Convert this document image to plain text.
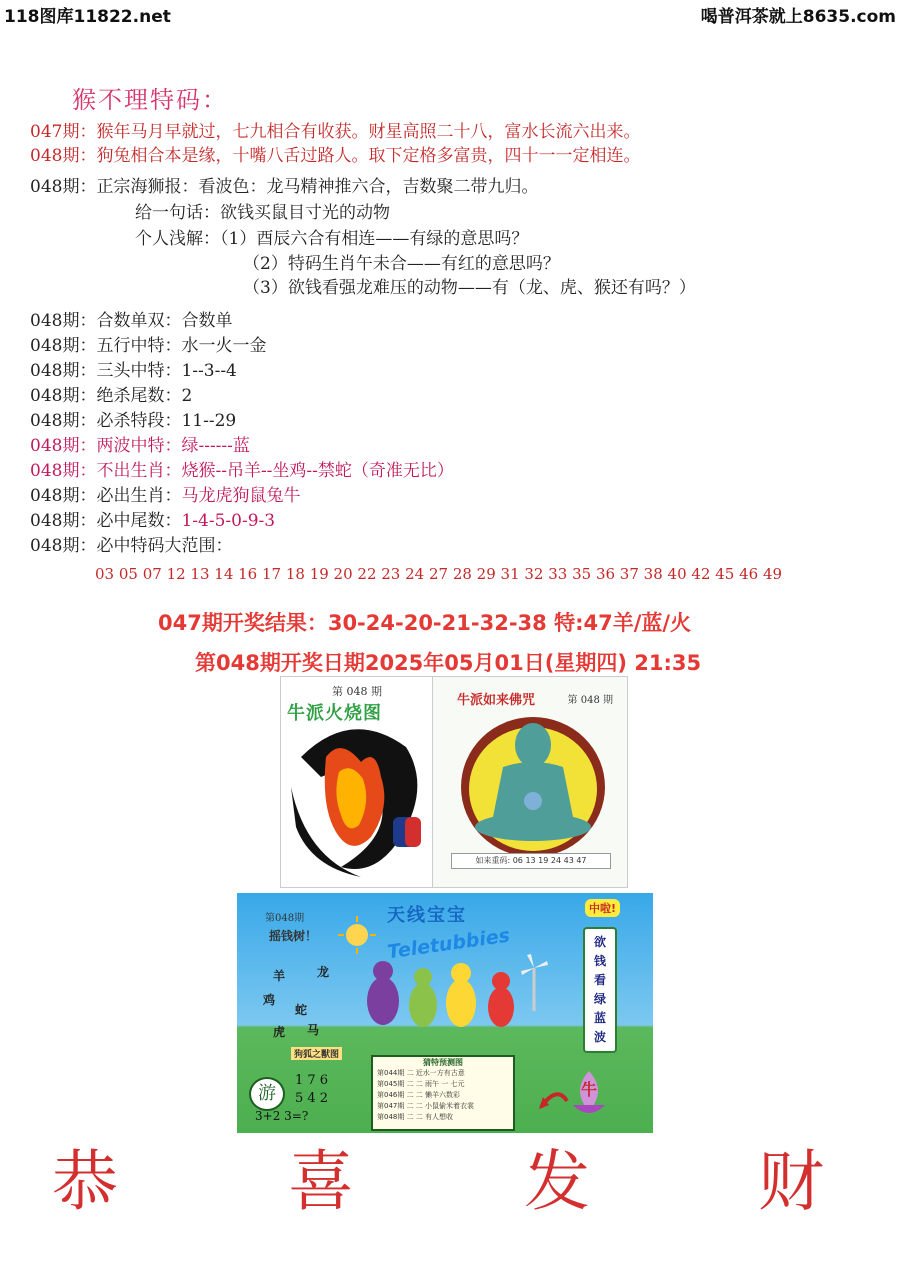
118图库11822.net	喝普洱茶就上8635.com
猴不理特码：
047期：猴年马月早就过，七九相合有收获。财星高照二十八，富水长流六出来。
048期：狗兔相合本是缘，十嘴八舌过路人。取下定格多富贵，四十一一定相连。
048期：正宗海狮报：看波色：龙马精神推六合，吉数聚二带九归。
给一句话：欲钱买鼠目寸光的动物
个人浅解：（1）酉辰六合有相连——有绿的意思吗？
（2）特码生肖午未合——有红的意思吗？
（3）欲钱看强龙难压的动物——有（龙、虎、猴还有吗？）
048期：合数单双：合数单
048期：五行中特：水一火一金
048期：三头中特：1--3--4
048期：绝杀尾数：2
048期：必杀特段：11--29
048期：两波中特：绿------蓝
048期：不出生肖：烧猴--吊羊--坐鸡--禁蛇（奇准无比）
048期：必出生肖：马龙虎狗鼠兔牛
048期：必中尾数：1-4-5-0-9-3
048期：必中特码大范围：
03 05 07 12 13 14 16 17 18 19 20 22 23 24 27 28 29 31 32 33 35 36 37 38 40 42 45 46 49
047期开奖结果：30-24-20-21-32-38 特:47羊/蓝/火
第048期开奖日期2025年05月01日(星期四) 21:35
第 048 期
牛派火烧图
牛派如来佛咒	第 048 期
如来重码: 06 13 19 24 43 47
第048期	天线宝宝
Teletubbies
摇钱树！
中啦!
羊	龙
鸡
蛇
马
虎
欲
钱
看
绿
蓝
波
狗狐之獸图
猜特预测图
第044期 二 近水一方有古意
第045期 二 二 雨午 一 七元
第046期 二 二 懒羊六数彩
第047期 二 二 小鼠偷米着衣裳
第048期 二 二 有人想收
游
1 7 6
5 4 2
3+2 3=?
牛
恭	喜	发	财
